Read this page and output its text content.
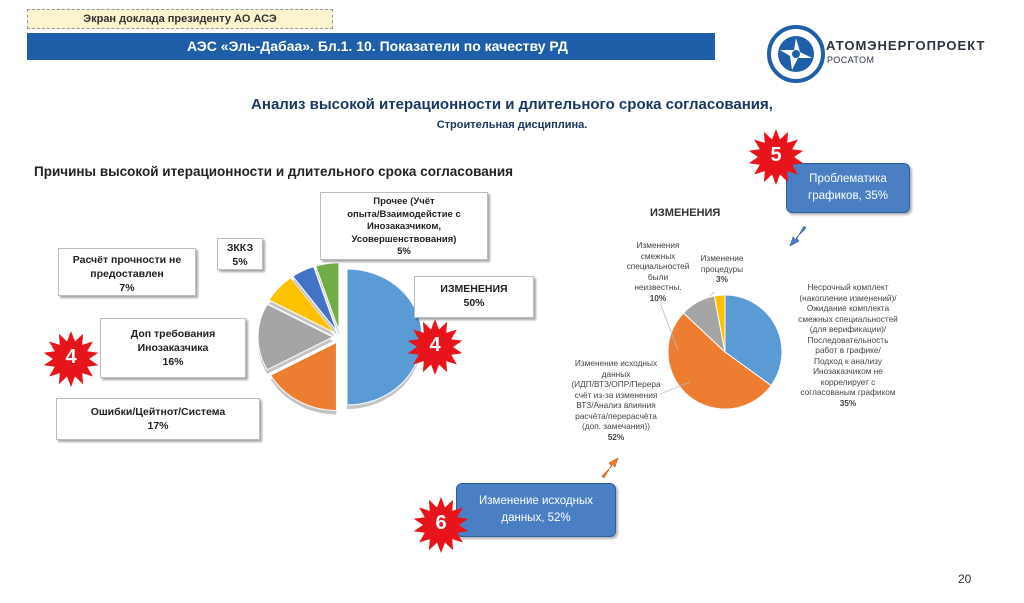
Экран доклада президенту АО АСЭ
АЭС «Эль-Дабаа». Бл.1. 10. Показатели по качеству РД	АТОМЭНЕРГОПРОЕКТ
РОСАТОМ
Анализ высокой итерационности и длительного срока согласования,
Строительная дисциплина.
Причины высокой итерационности и длительного срока согласования
ИЗМЕНЕНИЯ
50%
Ошибки/Цейтнот/Система
17%
Доп требования
Инозаказчика
16%
Расчёт прочности не
предоставлен
7%
ЗККЗ
5%
Прочее (Учёт
опыта/Взаимодейстие с
Инозаказчиком,
Усовершенствования)
5%
ИЗМЕНЕНИЯ
Изменения
смежных
специальностей
были
неизвестны.
10%
Изменение
процедуры
3%
Несрочный комплект
(накопление изменений)/
Ожидание комплекта
смежных специальностей
(для верификации)/
Последовательность
работ в графике/
Подход к анализу
Инозаказчиком не
коррелирует с
согласованым графиком
35%
Изменение исходных
данных
(ИДП/ВТЗ/ОПР/Перера
счёт из-за изменения
ВТЗ/Анализ влияния
расчёта/перерасчёта
(доп. замечания))
52%
Проблематика
графиков, 35%
Изменение исходных
данных, 52%
4
4
5
6
20
